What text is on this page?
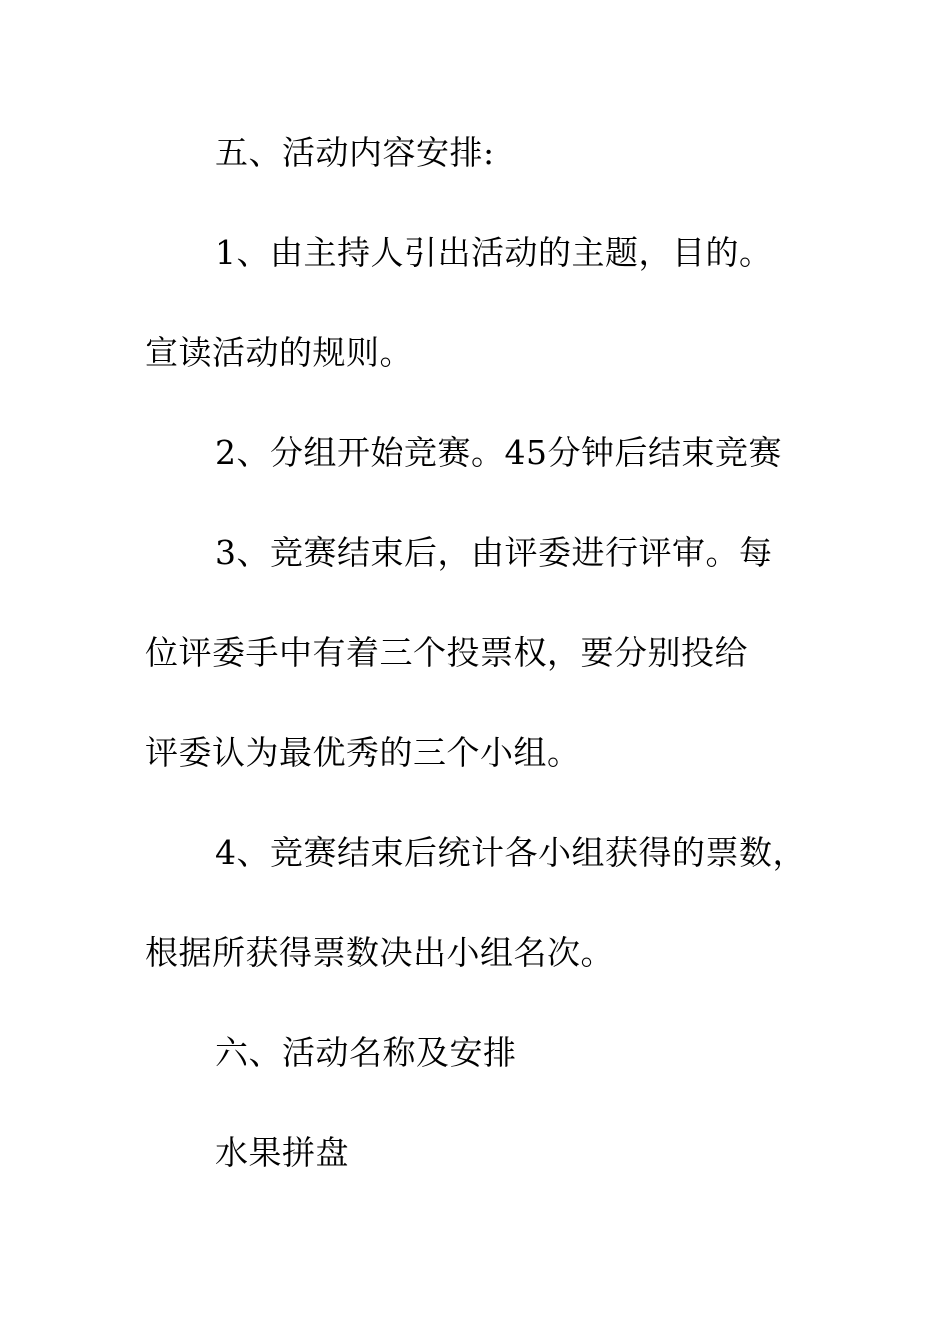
五、活动内容安排:
1、由主持人引出活动的主题，目的。
宣读活动的规则。
2、分组开始竞赛。45分钟后结束竞赛
3、竞赛结束后，由评委进行评审。每
位评委手中有着三个投票权，要分别投给
评委认为最优秀的三个小组。
4、竞赛结束后统计各小组获得的票数，
根据所获得票数决出小组名次。
六、活动名称及安排
水果拼盘
